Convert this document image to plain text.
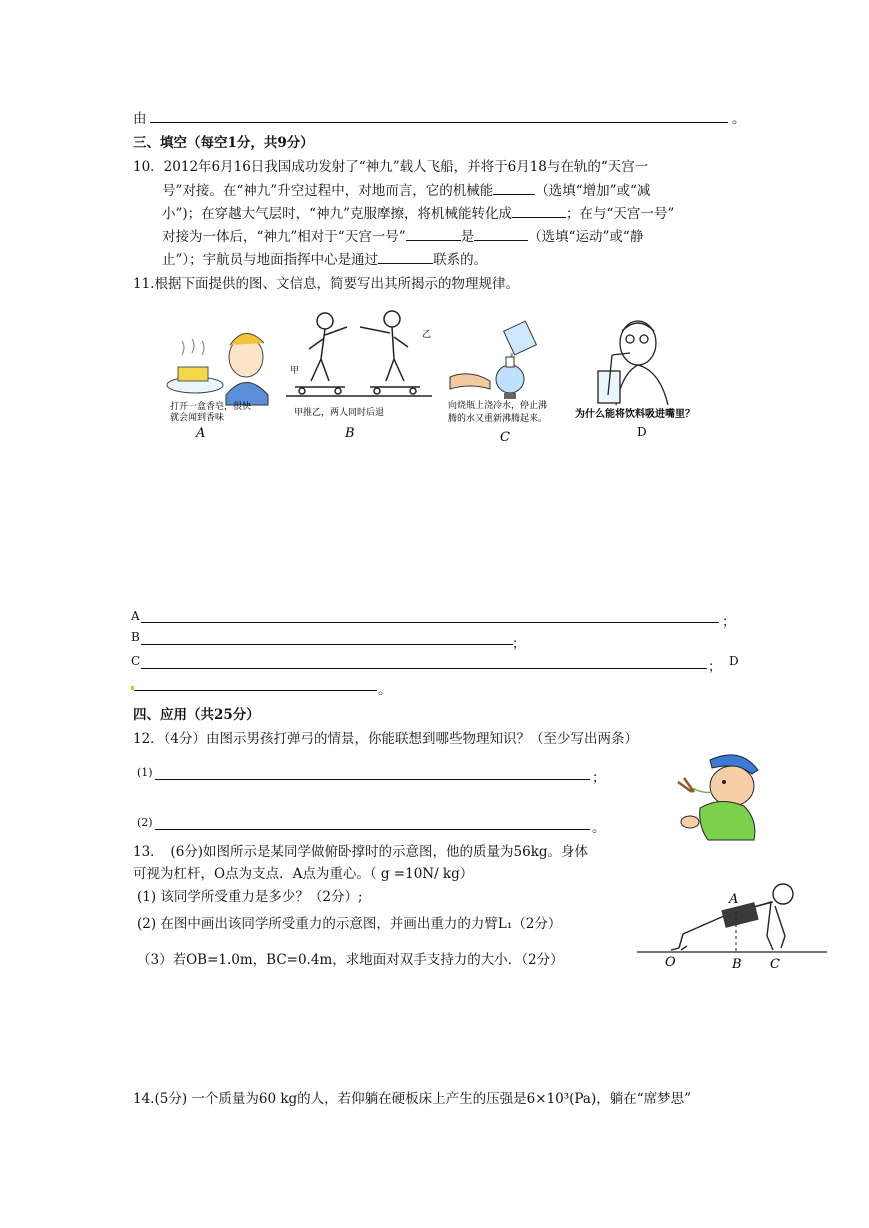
由	。
三、填空（每空1分，共9分）
10．2012年6月16日我国成功发射了“神九”载人飞船，并将于6月18与在轨的“天宫一
号”对接。在“神九”升空过程中，对地而言，它的机械能	（选填“增加”或“减
小”)；在穿越大气层时，“神九”克服摩擦，将机械能转化成	；在与“天宫一号”
对接为一体后，“神九”相对于“天宫一号”	是	（选填“运动”或“静
止”）；宇航员与地面指挥中心是通过	联系的。
11.根据下面提供的图、文信息，简要写出其所揭示的物理规律。
打开一盒香皂，很快
就会闻到香味
A
甲
乙
甲推乙，两人同时后退
B
向烧瓶上浇冷水，停止沸
腾的水又重新沸腾起来。
C
为什么能将饮料吸进嘴里？
D
A	；
B	；
C	； D
。
四、应用（共25分）
12．（4分）由图示男孩打弹弓的情景，你能联想到哪些物理知识？（至少写出两条）
(1)	；
(2)	。
13．　(6分)如图所示是某同学做俯卧撑时的示意图，他的质量为56kg。身体
可视为杠杆，O点为支点．A点为重心。（ g =10N/ kg）
(1) 该同学所受重力是多少？（2分）;
(2) 在图中画出该同学所受重力的示意图，并画出重力的力臂L₁（2分）
（3）若OB=1.0m，BC=0.4m，求地面对双手支持力的大小．（2分）
A
O	B C
14.(5分) 一个质量为60 kg的人，若仰躺在硬板床上产生的压强是6×10³(Pa)，躺在“席梦思”
